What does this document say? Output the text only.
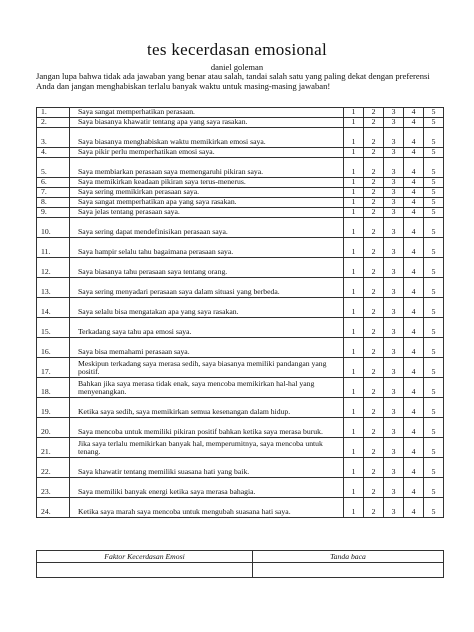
tes kecerdasan emosional
daniel goleman
Jangan lupa bahwa tidak ada jawaban yang benar atau salah, tandai salah satu yang paling dekat dengan preferensi Anda dan jangan menghabiskan terlalu banyak waktu untuk masing-masing jawaban!
1.	Saya sangat memperhatikan perasaan.	1	2	3	4	5
2.	Saya biasanya khawatir tentang apa yang saya rasakan.	1	2	3	4	5
3.	Saya biasanya menghabiskan waktu memikirkan emosi saya.	1	2	3	4	5
4.	Saya pikir perlu memperhatikan emosi saya.	1	2	3	4	5
5.	Saya membiarkan perasaan saya memengaruhi pikiran saya.	1	2	3	4	5
6.	Saya memikirkan keadaan pikiran saya terus-menerus.	1	2	3	4	5
7.	Saya sering memikirkan perasaan saya.	1	2	3	4	5
8.	Saya sangat memperhatikan apa yang saya rasakan.	1	2	3	4	5
9.	Saya jelas tentang perasaan saya.	1	2	3	4	5
10.	Saya sering dapat mendefinisikan perasaan saya.	1	2	3	4	5
11.	Saya hampir selalu tahu bagaimana perasaan saya.	1	2	3	4	5
12.	Saya biasanya tahu perasaan saya tentang orang.	1	2	3	4	5
13.	Saya sering menyadari perasaan saya dalam situasi yang berbeda.	1	2	3	4	5
14.	Saya selalu bisa mengatakan apa yang saya rasakan.	1	2	3	4	5
15.	Terkadang saya tahu apa emosi saya.	1	2	3	4	5
16.	Saya bisa memahami perasaan saya.	1	2	3	4	5
17.	Meskipun terkadang saya merasa sedih, saya biasanya memiliki pandangan yang positif.	1	2	3	4	5
18.	Bahkan jika saya merasa tidak enak, saya mencoba memikirkan hal-hal yang menyenangkan.	1	2	3	4	5
19.	Ketika saya sedih, saya memikirkan semua kesenangan dalam hidup.	1	2	3	4	5
20.	Saya mencoba untuk memiliki pikiran positif bahkan ketika saya merasa buruk.	1	2	3	4	5
21.	Jika saya terlalu memikirkan banyak hal, memperumitnya, saya mencoba untuk tenang.	1	2	3	4	5
22.	Saya khawatir tentang memiliki suasana hati yang baik.	1	2	3	4	5
23.	Saya memiliki banyak energi ketika saya merasa bahagia.	1	2	3	4	5
24.	Ketika saya marah saya mencoba untuk mengubah suasana hati saya.	1	2	3	4	5
Faktor Kecerdasan Emosi	Tanda baca
